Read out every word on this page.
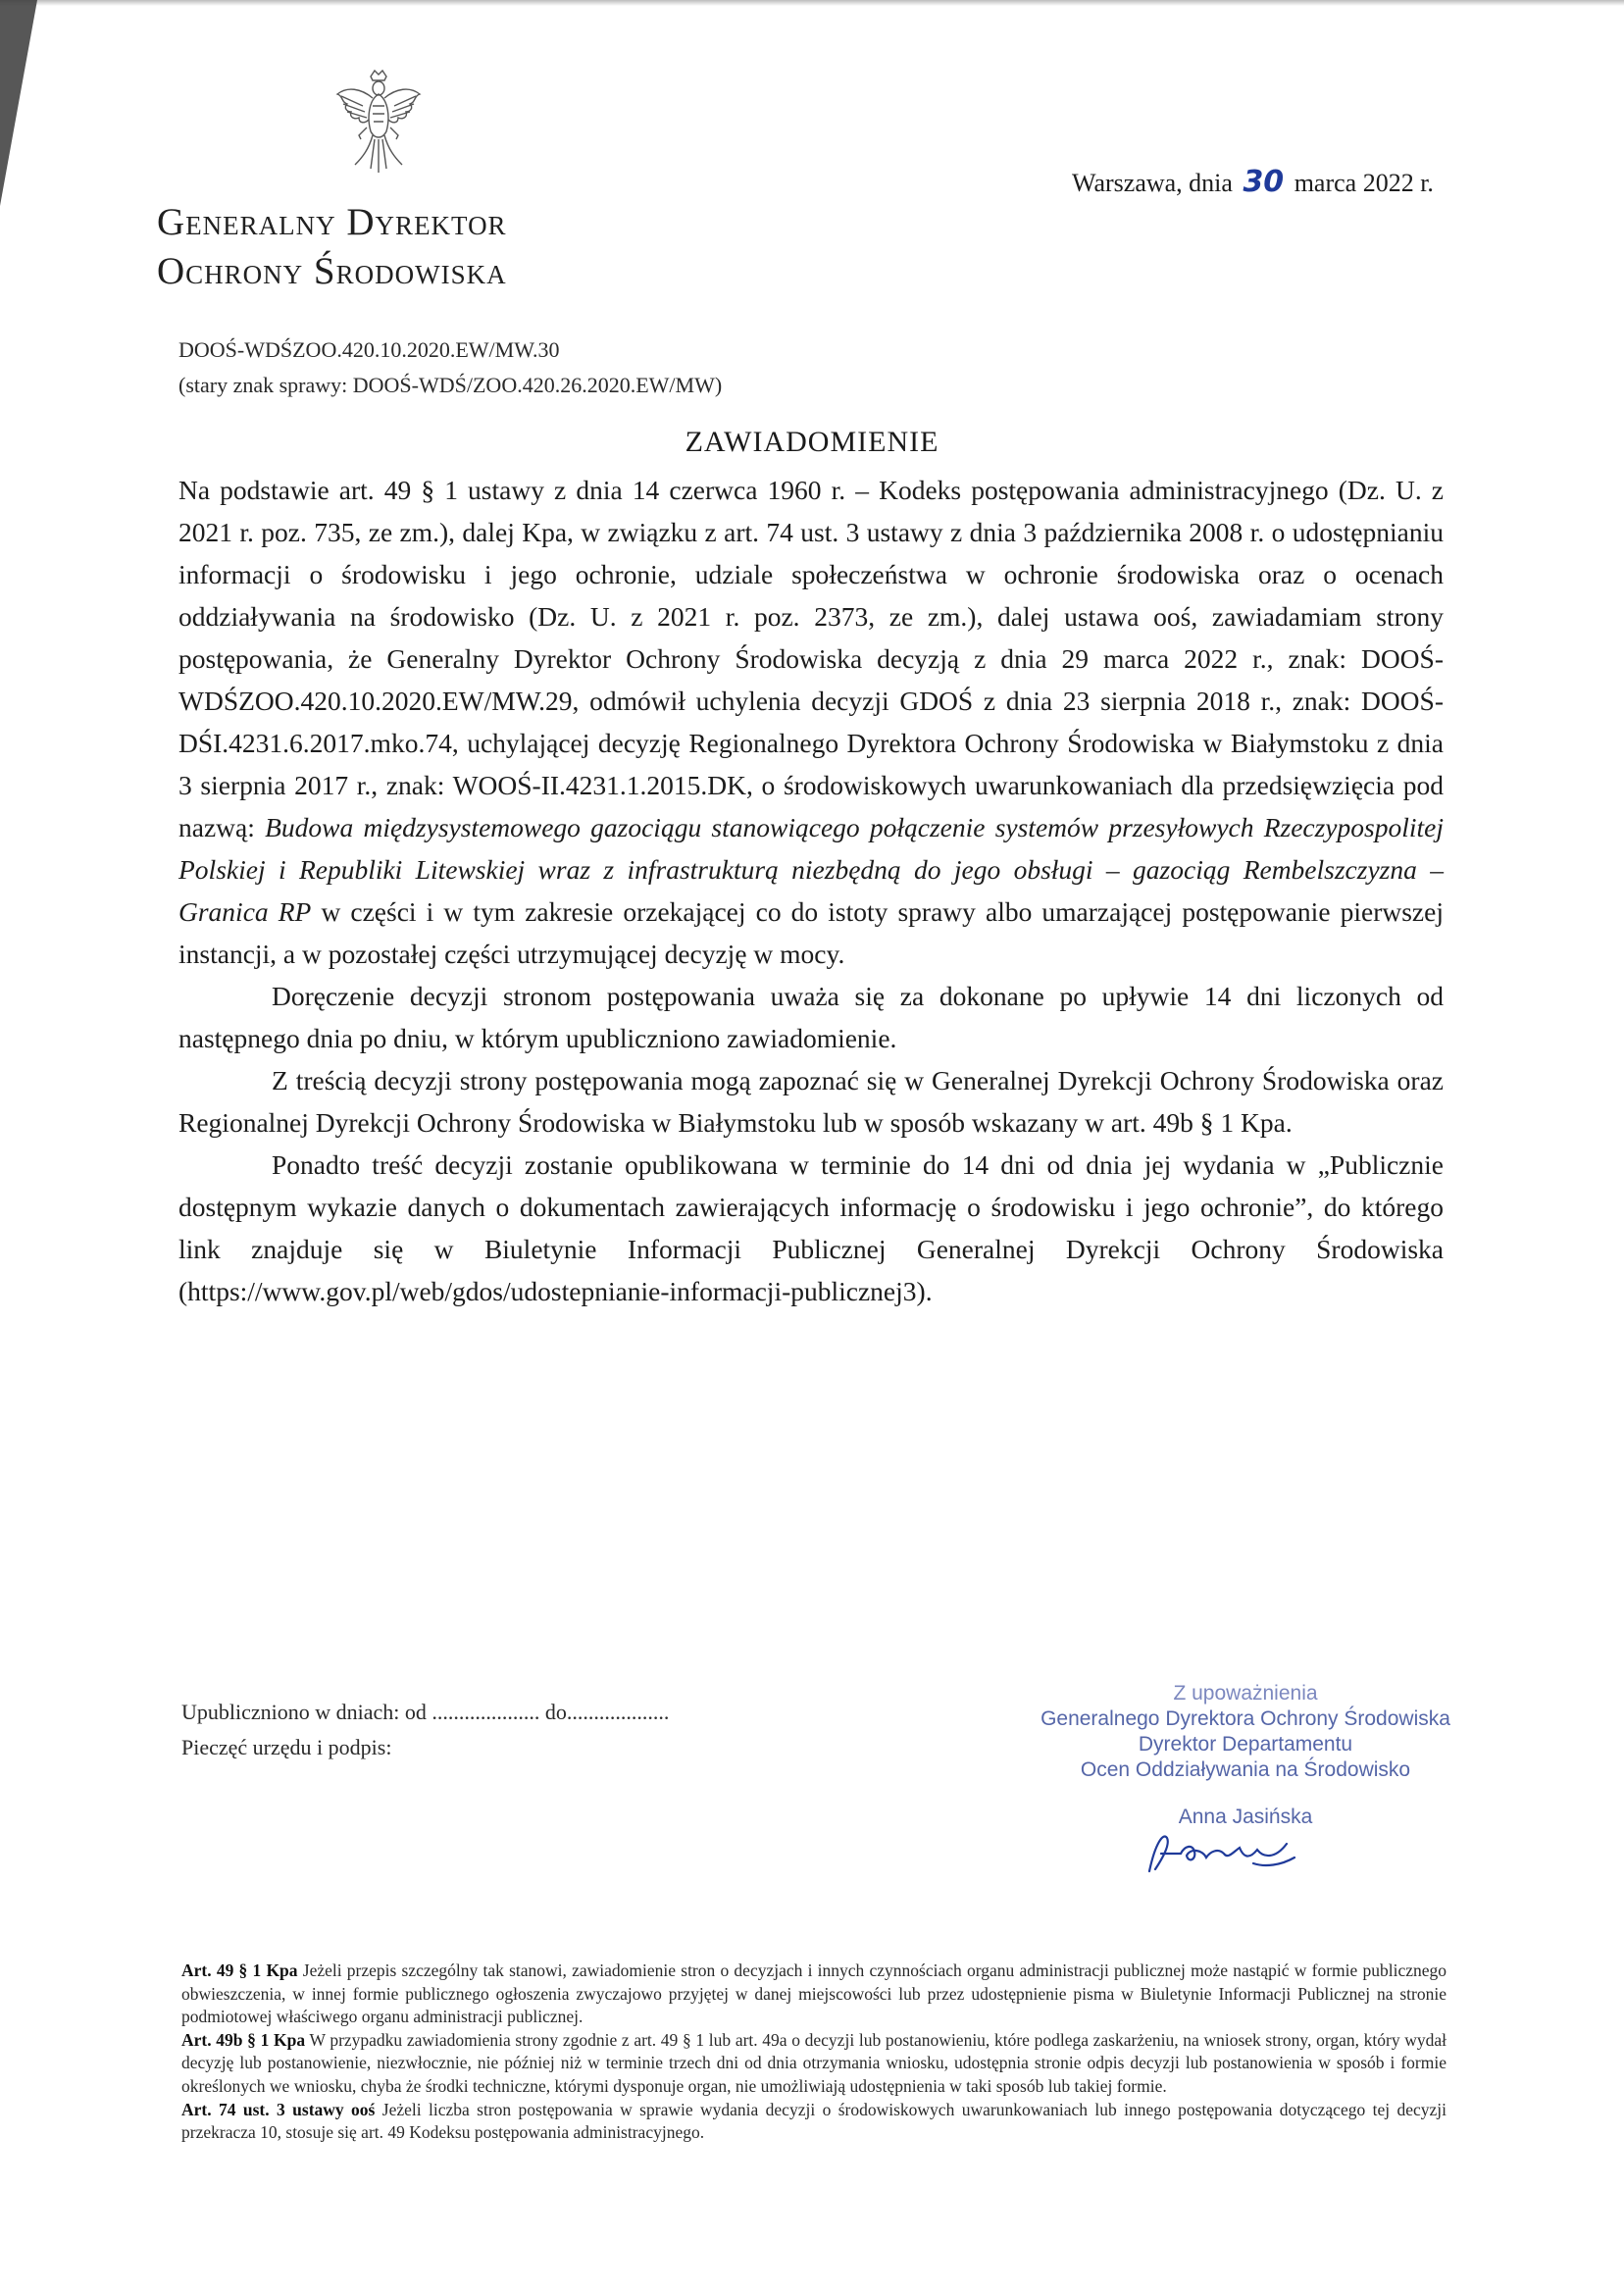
Generalny Dyrektor
Ochrony Środowiska
Warszawa, dnia 30 marca 2022 r.
DOOŚ-WDŚZOO.420.10.2020.EW/MW.30
(stary znak sprawy: DOOŚ-WDŚ/ZOO.420.26.2020.EW/MW)
ZAWIADOMIENIE

Na podstawie art. 49 § 1 ustawy z dnia 14 czerwca 1960 r. – Kodeks postępowania administracyjnego (Dz. U. z 2021 r. poz. 735, ze zm.), dalej Kpa, w związku z art. 74 ust. 3 ustawy z dnia 3 października 2008 r. o udostępnianiu informacji o środowisku i jego ochronie, udziale społeczeństwa w ochronie środowiska oraz o ocenach oddziaływania na środowisko (Dz. U. z 2021 r. poz. 2373, ze zm.), dalej ustawa ooś, zawiadamiam strony postępowania, że Generalny Dyrektor Ochrony Środowiska decyzją z dnia 29 marca 2022 r., znak: DOOŚ-WDŚZOO.420.10.2020.EW/MW.29, odmówił uchylenia decyzji GDOŚ z dnia 23 sierpnia 2018 r., znak: DOOŚ-DŚI.4231.6.2017.mko.74, uchylającej decyzję Regionalnego Dyrektora Ochrony Środowiska w Białymstoku z dnia 3 sierpnia 2017 r., znak: WOOŚ-II.4231.1.2015.DK, o środowiskowych uwarunkowaniach dla przedsięwzięcia pod nazwą: Budowa międzysystemowego gazociągu stanowiącego połączenie systemów przesyłowych Rzeczypospolitej Polskiej i Republiki Litewskiej wraz z infrastrukturą niezbędną do jego obsługi – gazociąg Rembelszczyzna – Granica RP w części i w tym zakresie orzekającej co do istoty sprawy albo umarzającej postępowanie pierwszej instancji, a w pozostałej części utrzymującej decyzję w mocy.

Doręczenie decyzji stronom postępowania uważa się za dokonane po upływie 14 dni liczonych od następnego dnia po dniu, w którym upubliczniono zawiadomienie.

Z treścią decyzji strony postępowania mogą zapoznać się w Generalnej Dyrekcji Ochrony Środowiska oraz Regionalnej Dyrekcji Ochrony Środowiska w Białymstoku lub w sposób wskazany w art. 49b § 1 Kpa.

Ponadto treść decyzji zostanie opublikowana w terminie do 14 dni od dnia jej wydania w „Publicznie dostępnym wykazie danych o dokumentach zawierających informację o środowisku i jego ochronie”, do którego link znajduje się w Biuletynie Informacji Publicznej Generalnej Dyrekcji Ochrony Środowiska (https://www.gov.pl/web/gdos/udostepnianie-informacji-publicznej3).

Upubliczniono w dniach: od .................... do...................
Pieczęć urzędu i podpis:
Z upoważnienia
Generalnego Dyrektora Ochrony Środowiska
Dyrektor Departamentu
Ocen Oddziaływania na Środowisko
Anna Jasińska

Art. 49 § 1 Kpa Jeżeli przepis szczególny tak stanowi, zawiadomienie stron o decyzjach i innych czynnościach organu administracji publicznej może nastąpić w formie publicznego obwieszczenia, w innej formie publicznego ogłoszenia zwyczajowo przyjętej w danej miejscowości lub przez udostępnienie pisma w Biuletynie Informacji Publicznej na stronie podmiotowej właściwego organu administracji publicznej.

Art. 49b § 1 Kpa W przypadku zawiadomienia strony zgodnie z art. 49 § 1 lub art. 49a o decyzji lub postanowieniu, które podlega zaskarżeniu, na wniosek strony, organ, który wydał decyzję lub postanowienie, niezwłocznie, nie później niż w terminie trzech dni od dnia otrzymania wniosku, udostępnia stronie odpis decyzji lub postanowienia w sposób i formie określonych we wniosku, chyba że środki techniczne, którymi dysponuje organ, nie umożliwiają udostępnienia w taki sposób lub takiej formie.

Art. 74 ust. 3 ustawy ooś Jeżeli liczba stron postępowania w sprawie wydania decyzji o środowiskowych uwarunkowaniach lub innego postępowania dotyczącego tej decyzji przekracza 10, stosuje się art. 49 Kodeksu postępowania administracyjnego.
